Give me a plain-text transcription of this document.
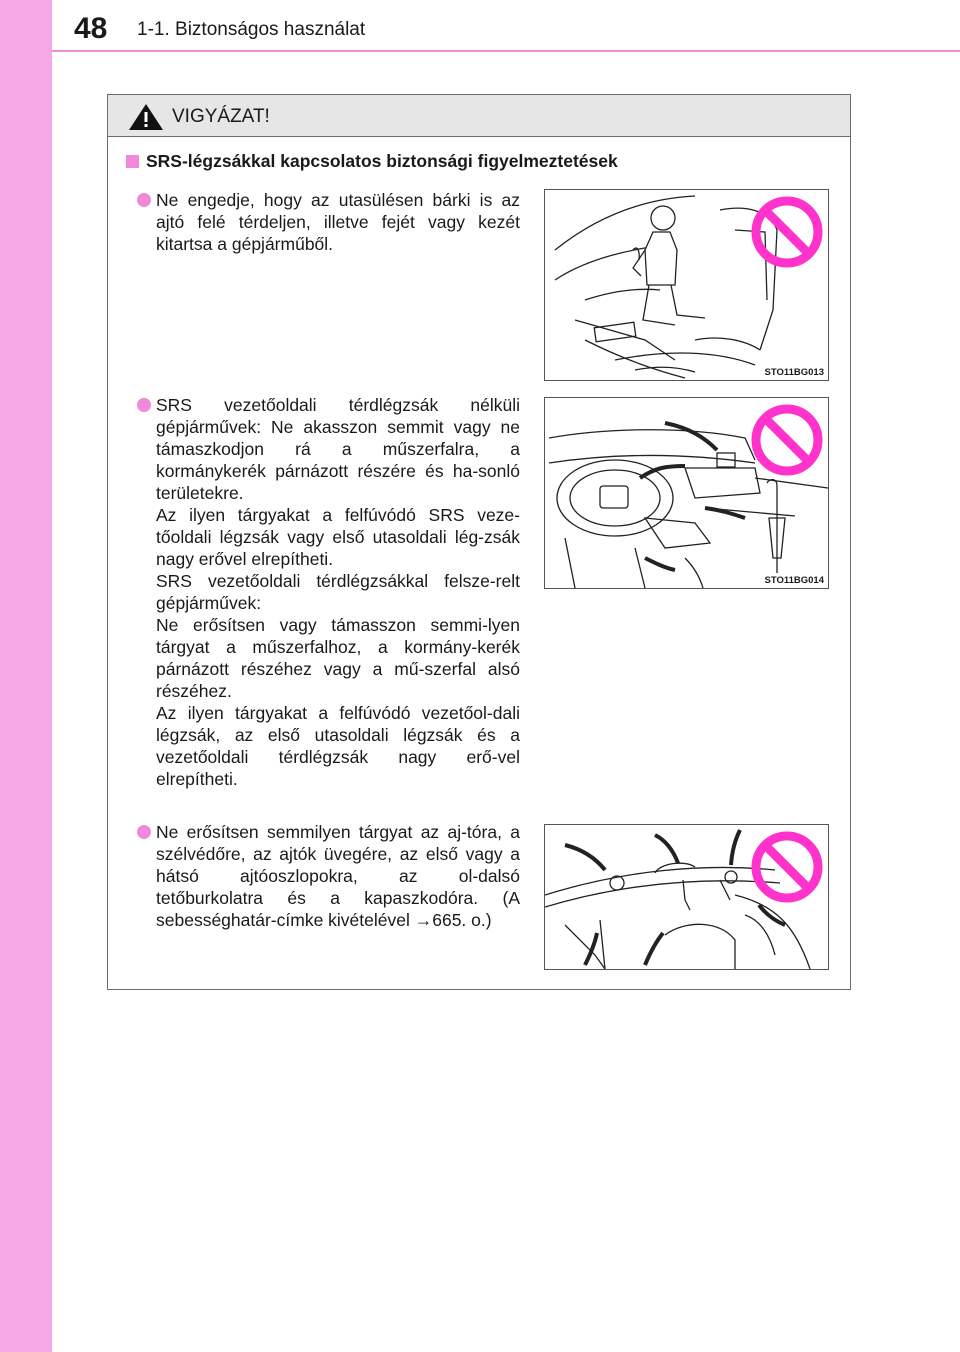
48 1-1. Biztonságos használat
VIGYÁZAT!
SRS-légzsákkal kapcsolatos biztonsági figyelmeztetések
Ne engedje, hogy az utasülésen bárki is az ajtó felé térdeljen, illetve fejét vagy kezét kitartsa a gépjárműből.
STO11BG013
SRS vezetőoldali térdlégzsák nélküli gépjárművek: Ne akasszon semmit vagy ne támaszkodjon rá a műszerfalra, a kormánykerék párnázott részére és ha-sonló területekre.
Az ilyen tárgyakat a felfúvódó SRS veze-tőoldali légzsák vagy első utasoldali lég-zsák nagy erővel elrepítheti.
SRS vezetőoldali térdlégzsákkal felsze-relt gépjárművek:
Ne erősítsen vagy támasszon semmi-lyen tárgyat a műszerfalhoz, a kormány-kerék párnázott részéhez vagy a mű-szerfal alsó részéhez.
Az ilyen tárgyakat a felfúvódó vezetőol-dali légzsák, az első utasoldali légzsák és a vezetőoldali térdlégzsák nagy erő-vel elrepítheti.
STO11BG014
Ne erősítsen semmilyen tárgyat az aj-tóra, a szélvédőre, az ajtók üvegére, az első vagy a hátsó ajtóoszlopokra, az ol-dalsó tetőburkolatra és a kapaszkodóra. (A sebességhatár-címke kivételével →665. o.)
